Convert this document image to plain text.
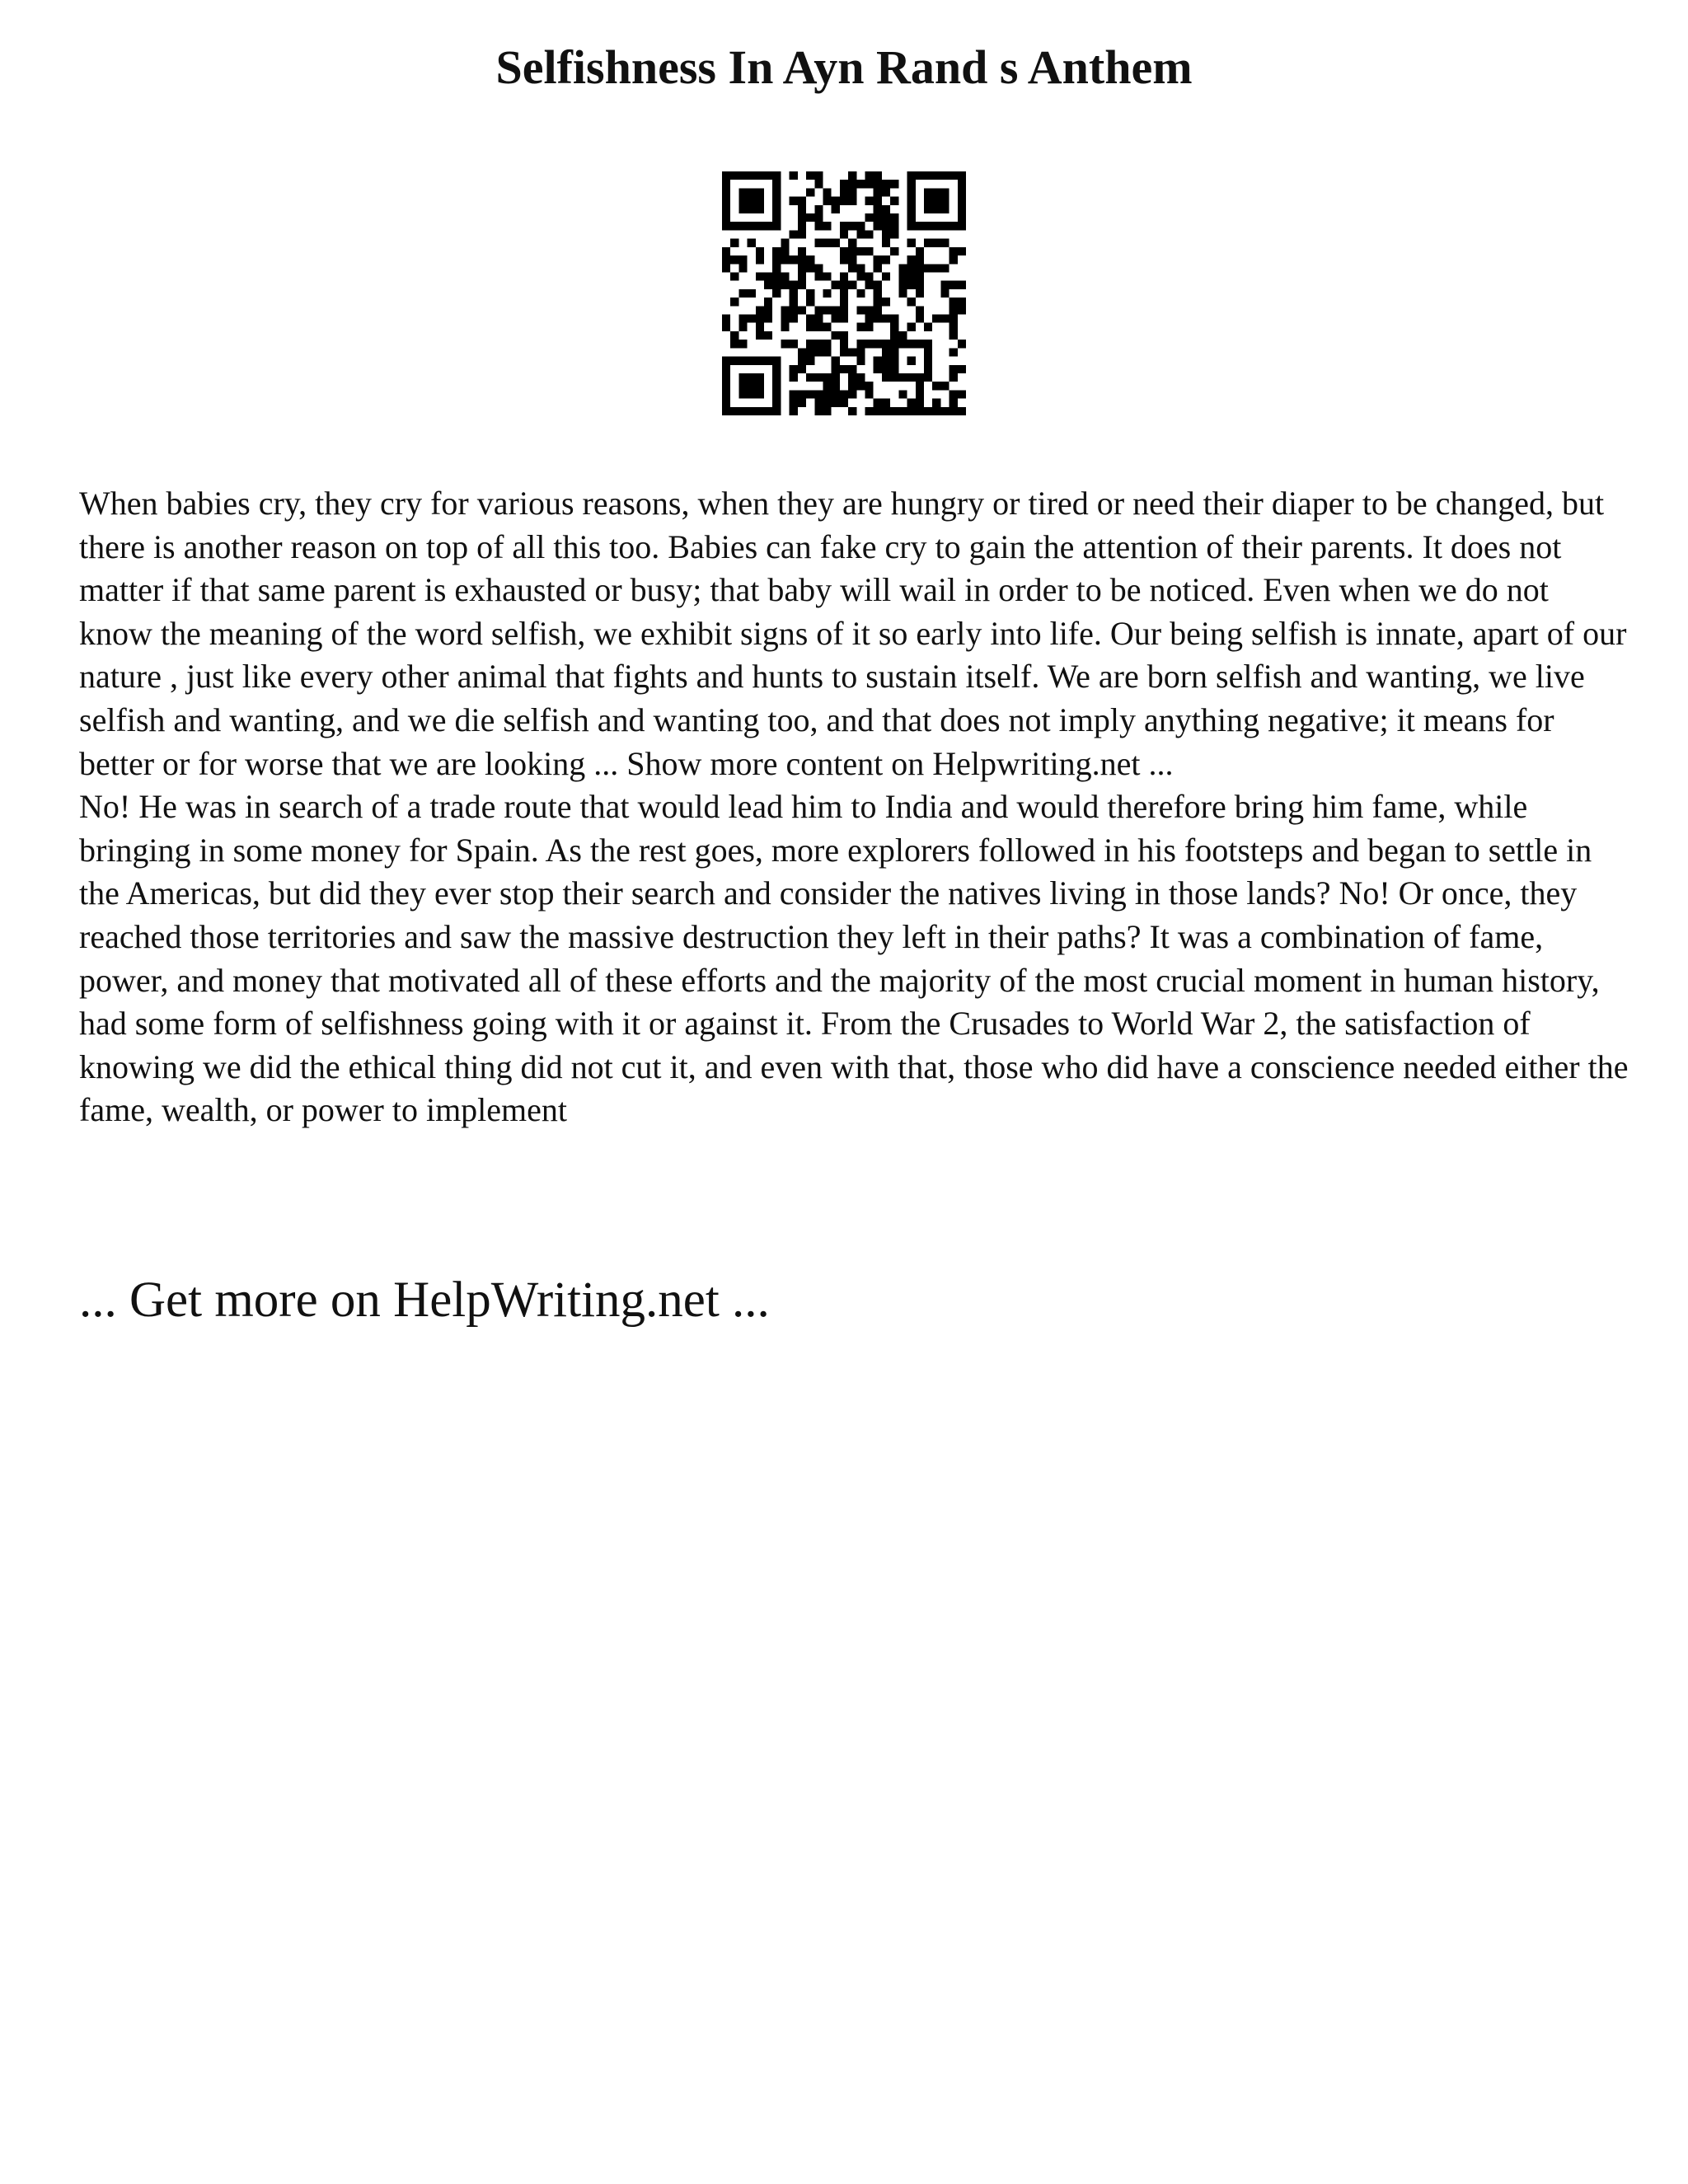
Selfishness In Ayn Rand s Anthem

When babies cry, they cry for various reasons, when they are hungry or tired or need their diaper to be changed, but there is another reason on top of all this too. Babies can fake cry to gain the attention of their parents. It does not matter if that same parent is exhausted or busy; that baby will wail in order to be noticed. Even when we do not know the meaning of the word selfish, we exhibit signs of it so early into life. Our being selfish is innate, apart of our nature , just like every other animal that fights and hunts to sustain itself. We are born selfish and wanting, we live selfish and wanting, and we die selfish and wanting too, and that does not imply anything negative; it means for better or for worse that we are looking ... Show more content on Helpwriting.net ...

No! He was in search of a trade route that would lead him to India and would therefore bring him fame, while bringing in some money for Spain. As the rest goes, more explorers followed in his footsteps and began to settle in the Americas, but did they ever stop their search and consider the natives living in those lands? No! Or once, they reached those territories and saw the massive destruction they left in their paths? It was a combination of fame, power, and money that motivated all of these efforts and the majority of the most crucial moment in human history, had some form of selfishness going with it or against it. From the Crusades to World War 2, the satisfaction of knowing we did the ethical thing did not cut it, and even with that, those who did have a conscience needed either the fame, wealth, or power to implement

... Get more on HelpWriting.net ...
